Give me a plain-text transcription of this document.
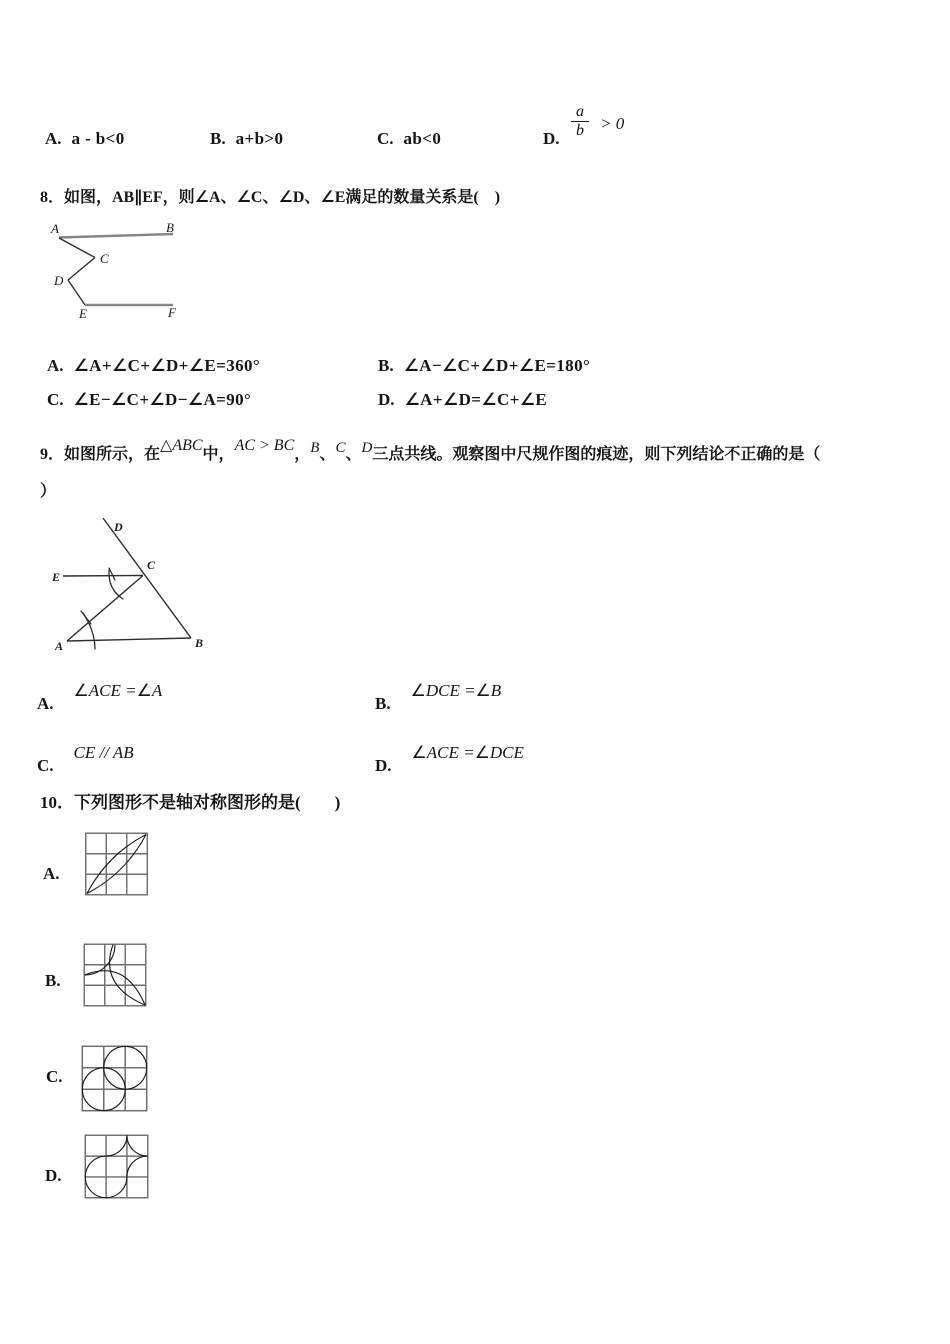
A. a - b<0	B. a+b>0	C. ab<0	D. $\frac{a}{b} > 0$
8．如图，AB∥EF，则∠A、∠C、∠D、∠E满足的数量关系是(　)
A	B
C
D
E	F
A. ∠A+∠C+∠D+∠E=360°	B. ∠A−∠C+∠D+∠E=180°
C. ∠E−∠C+∠D−∠A=90°	D. ∠A+∠D=∠C+∠E
9．如图所示，在△ABC中，AC > BC，B、C、D三点共线。观察图中尺规作图的痕迹，则下列结论不正确的是（
）
D
C
E
A	B
A.∠ACE =∠A
B.∠DCE =∠B
C.CE // AB
D.∠ACE =∠DCE
10．下列图形不是轴对称图形的是(　　)
A.
B.
C.
D.
